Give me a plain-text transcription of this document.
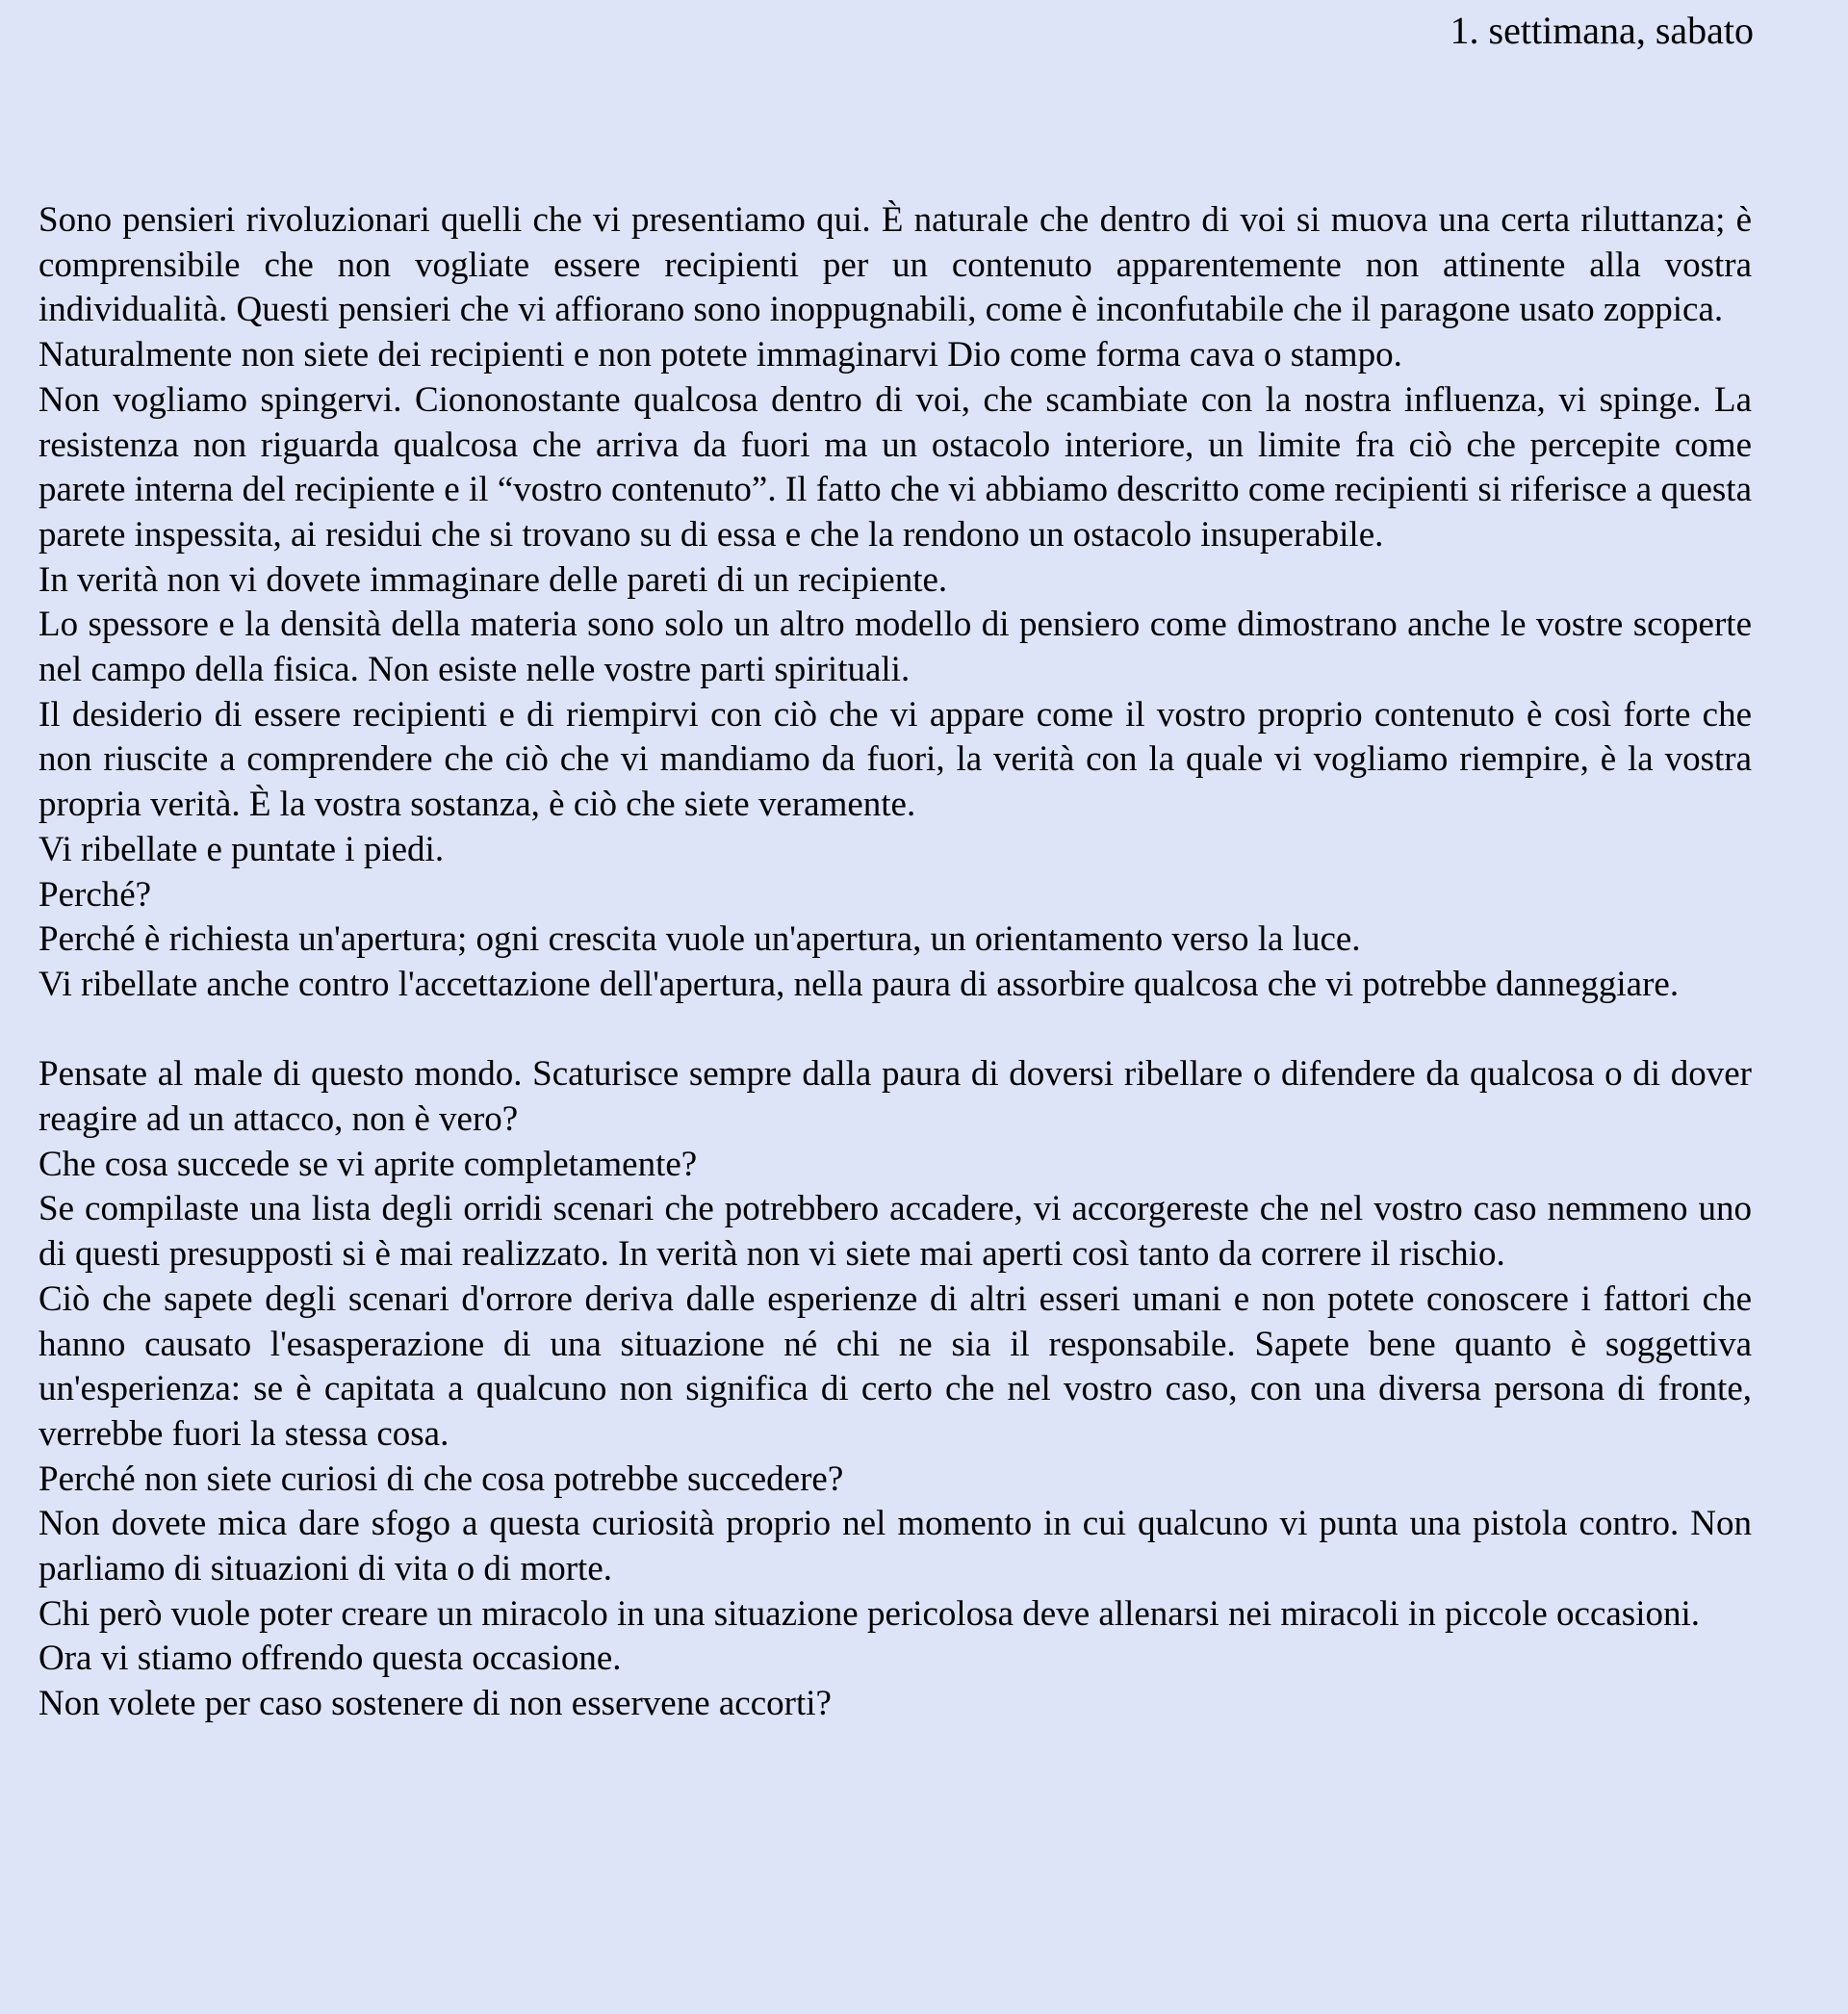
1. settimana, sabato

Sono pensieri rivoluzionari quelli che vi presentiamo qui. È naturale che dentro di voi si muova una certa riluttanza; è comprensibile che non vogliate essere recipienti per un contenuto apparentemente non attinente alla vostra individualità. Questi pensieri che vi affiorano sono inoppugnabili, come è inconfutabile che il paragone usato zoppica.

Naturalmente non siete dei recipienti e non potete immaginarvi Dio come forma cava o stampo.

Non vogliamo spingervi. Ciononostante qualcosa dentro di voi, che scambiate con la nostra influenza, vi spinge. La resistenza non riguarda qualcosa che arriva da fuori ma un ostacolo interiore, un limite fra ciò che percepite come parete interna del recipiente e il “vostro contenuto”. Il fatto che vi abbiamo descritto come recipienti si riferisce a questa parete inspessita, ai residui che si trovano su di essa e che la rendono un ostacolo insuperabile.

In verità non vi dovete immaginare delle pareti di un recipiente.

Lo spessore e la densità della materia sono solo un altro modello di pensiero come dimostrano anche le vostre scoperte nel campo della fisica. Non esiste nelle vostre parti spirituali.

Il desiderio di essere recipienti e di riempirvi con ciò che vi appare come il vostro proprio contenuto è così forte che non riuscite a comprendere che ciò che vi mandiamo da fuori, la verità con la quale vi vogliamo riempire, è la vostra propria verità. È la vostra sostanza, è ciò che siete veramente.

Vi ribellate e puntate i piedi.

Perché?

Perché è richiesta un'apertura; ogni crescita vuole un'apertura, un orientamento verso la luce.

Vi ribellate anche contro l'accettazione dell'apertura, nella paura di assorbire qualcosa che vi potrebbe danneggiare.

Pensate al male di questo mondo. Scaturisce sempre dalla paura di doversi ribellare o difendere da qualcosa o di dover reagire ad un attacco, non è vero?

Che cosa succede se vi aprite completamente?

Se compilaste una lista degli orridi scenari che potrebbero accadere, vi accorgereste che nel vostro caso nemmeno uno di questi presupposti si è mai realizzato. In verità non vi siete mai aperti così tanto da correre il rischio.

Ciò che sapete degli scenari d'orrore deriva dalle esperienze di altri esseri umani e non potete conoscere i fattori che hanno causato l'esasperazione di una situazione né chi ne sia il responsabile. Sapete bene quanto è soggettiva un'esperienza: se è capitata a qualcuno non significa di certo che nel vostro caso, con una diversa persona di fronte, verrebbe fuori la stessa cosa.

Perché non siete curiosi di che cosa potrebbe succedere?

Non dovete mica dare sfogo a questa curiosità proprio nel momento in cui qualcuno vi punta una pistola contro. Non parliamo di situazioni di vita o di morte.

Chi però vuole poter creare un miracolo in una situazione pericolosa deve allenarsi nei miracoli in piccole occasioni.

Ora vi stiamo offrendo questa occasione.

Non volete per caso sostenere di non esservene accorti?
